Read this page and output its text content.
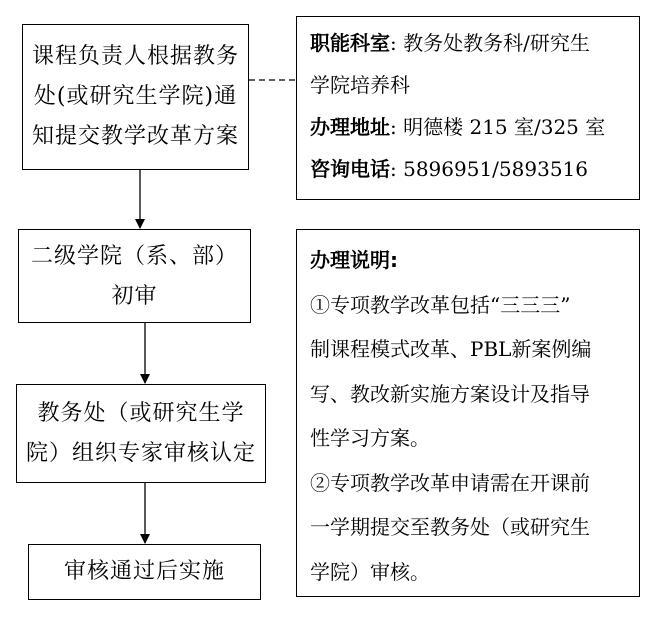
课程负责人根据教务
处(或研究生学院)通
知提交教学改革方案
二级学院（系、部）
初审
教务处（或研究生学
院）组织专家审核认定
审核通过后实施
职能科室: 教务处教务科/研究生
学院培养科
办理地址: 明德楼 215 室/325 室
咨询电话: 5896951/5893516
办理说明:
①专项教学改革包括“三三三”
制课程模式改革、PBL新案例编
写、教改新实施方案设计及指导
性学习方案。
②专项教学改革申请需在开课前
一学期提交至教务处（或研究生
学院）审核。
